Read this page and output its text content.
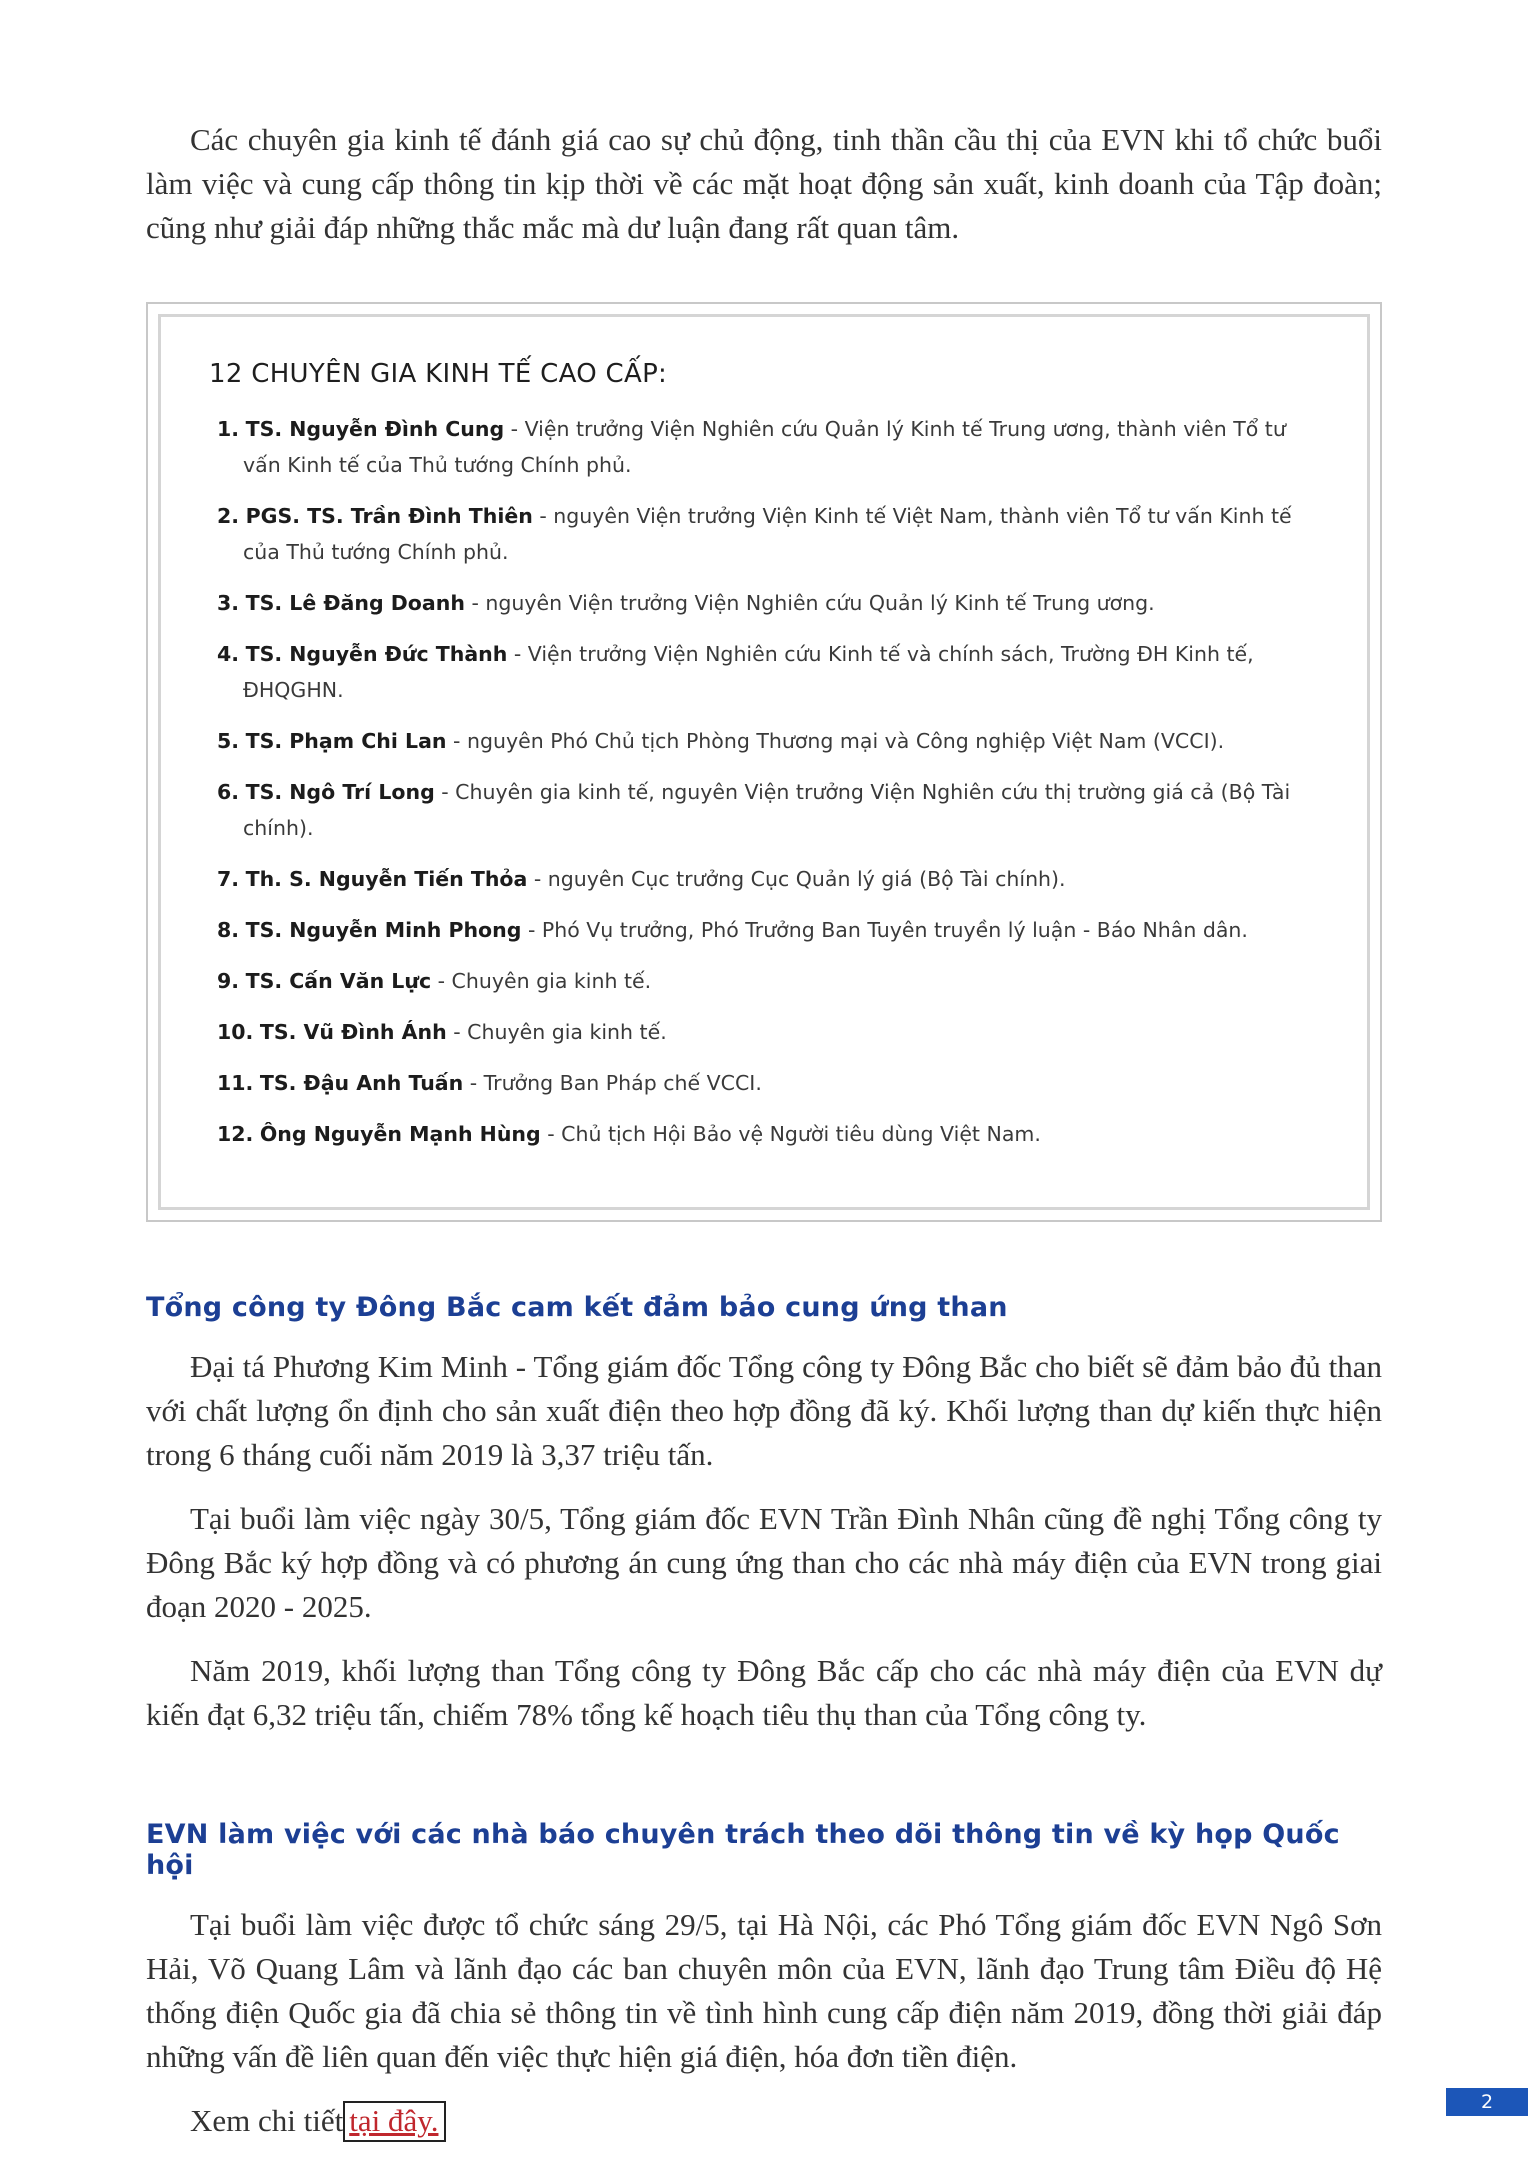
Các chuyên gia kinh tế đánh giá cao sự chủ động, tinh thần cầu thị của EVN khi tổ chức buổi làm việc và cung cấp thông tin kịp thời về các mặt hoạt động sản xuất, kinh doanh của Tập đoàn; cũng như giải đáp những thắc mắc mà dư luận đang rất quan tâm.

12 CHUYÊN GIA KINH TẾ CAO CẤP:
1. TS. Nguyễn Đình Cung - Viện trưởng Viện Nghiên cứu Quản lý Kinh tế Trung ương, thành viên Tổ tư vấn Kinh tế của Thủ tướng Chính phủ.
2. PGS. TS. Trần Đình Thiên - nguyên Viện trưởng Viện Kinh tế Việt Nam, thành viên Tổ tư vấn Kinh tế của Thủ tướng Chính phủ.
3. TS. Lê Đăng Doanh - nguyên Viện trưởng Viện Nghiên cứu Quản lý Kinh tế Trung ương.
4. TS. Nguyễn Đức Thành - Viện trưởng Viện Nghiên cứu Kinh tế và chính sách, Trường ĐH Kinh tế, ĐHQGHN.
5. TS. Phạm Chi Lan - nguyên Phó Chủ tịch Phòng Thương mại và Công nghiệp Việt Nam (VCCI).
6. TS. Ngô Trí Long - Chuyên gia kinh tế, nguyên Viện trưởng Viện Nghiên cứu thị trường giá cả (Bộ Tài chính).
7. Th. S. Nguyễn Tiến Thỏa - nguyên Cục trưởng Cục Quản lý giá (Bộ Tài chính).
8. TS. Nguyễn Minh Phong - Phó Vụ trưởng, Phó Trưởng Ban Tuyên truyền lý luận - Báo Nhân dân.
9. TS. Cấn Văn Lực - Chuyên gia kinh tế.
10. TS. Vũ Đình Ánh - Chuyên gia kinh tế.
11. TS. Đậu Anh Tuấn - Trưởng Ban Pháp chế VCCI.
12. Ông Nguyễn Mạnh Hùng - Chủ tịch Hội Bảo vệ Người tiêu dùng Việt Nam.
Tổng công ty Đông Bắc cam kết đảm bảo cung ứng than

Đại tá Phương Kim Minh - Tổng giám đốc Tổng công ty Đông Bắc cho biết sẽ đảm bảo đủ than với chất lượng ổn định cho sản xuất điện theo hợp đồng đã ký. Khối lượng than dự kiến thực hiện trong 6 tháng cuối năm 2019 là 3,37 triệu tấn.

Tại buổi làm việc ngày 30/5, Tổng giám đốc EVN Trần Đình Nhân cũng đề nghị Tổng công ty Đông Bắc ký hợp đồng và có phương án cung ứng than cho các nhà máy điện của EVN trong giai đoạn 2020 - 2025.

Năm 2019, khối lượng than Tổng công ty Đông Bắc cấp cho các nhà máy điện của EVN dự kiến đạt 6,32 triệu tấn, chiếm 78% tổng kế hoạch tiêu thụ than của Tổng công ty.

EVN làm việc với các nhà báo chuyên trách theo dõi thông tin về kỳ họp Quốc hội

Tại buổi làm việc được tổ chức sáng 29/5, tại Hà Nội, các Phó Tổng giám đốc EVN Ngô Sơn Hải, Võ Quang Lâm và lãnh đạo các ban chuyên môn của EVN, lãnh đạo Trung tâm Điều độ Hệ thống điện Quốc gia đã chia sẻ thông tin về tình hình cung cấp điện năm 2019, đồng thời giải đáp những vấn đề liên quan đến việc thực hiện giá điện, hóa đơn tiền điện.

Xem chi tiết tại đây.

2
